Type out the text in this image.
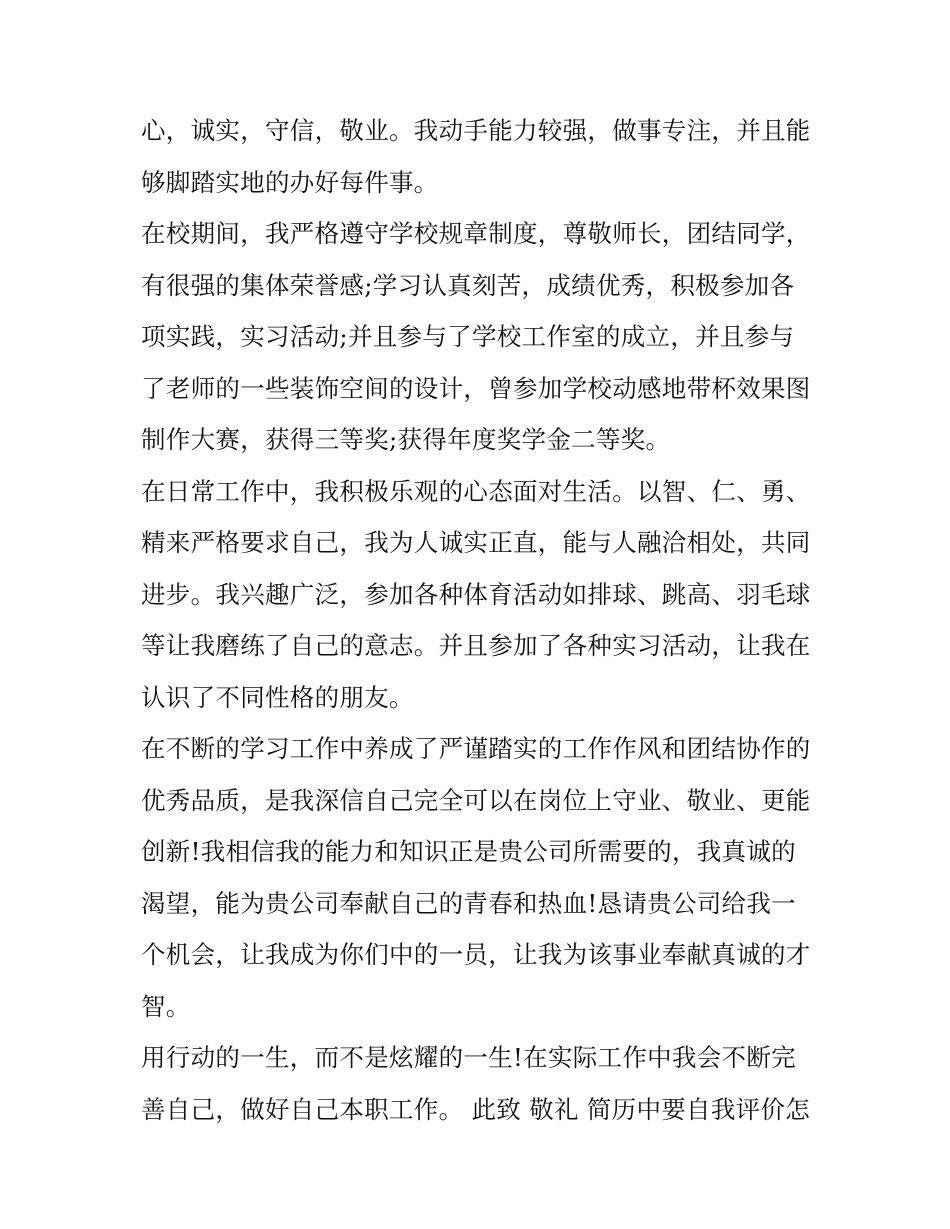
心，诚实，守信，敬业。我动手能力较强，做事专注，并且能
够脚踏实地的办好每件事。
在校期间，我严格遵守学校规章制度，尊敬师长，团结同学，
有很强的集体荣誉感;学习认真刻苦，成绩优秀，积极参加各
项实践，实习活动;并且参与了学校工作室的成立，并且参与
了老师的一些装饰空间的设计，曾参加学校动感地带杯效果图
制作大赛，获得三等奖;获得年度奖学金二等奖。
在日常工作中，我积极乐观的心态面对生活。以智、仁、勇、
精来严格要求自己，我为人诚实正直，能与人融洽相处，共同
进步。我兴趣广泛，参加各种体育活动如排球、跳高、羽毛球
等让我磨练了自己的意志。并且参加了各种实习活动，让我在
认识了不同性格的朋友。
在不断的学习工作中养成了严谨踏实的工作作风和团结协作的
优秀品质，是我深信自己完全可以在岗位上守业、敬业、更能
创新!我相信我的能力和知识正是贵公司所需要的，我真诚的
渴望，能为贵公司奉献自己的青春和热血!恳请贵公司给我一
个机会，让我成为你们中的一员，让我为该事业奉献真诚的才
智。
用行动的一生，而不是炫耀的一生!在实际工作中我会不断完
善自己，做好自己本职工作。 此致 敬礼 简历中要自我评价怎
